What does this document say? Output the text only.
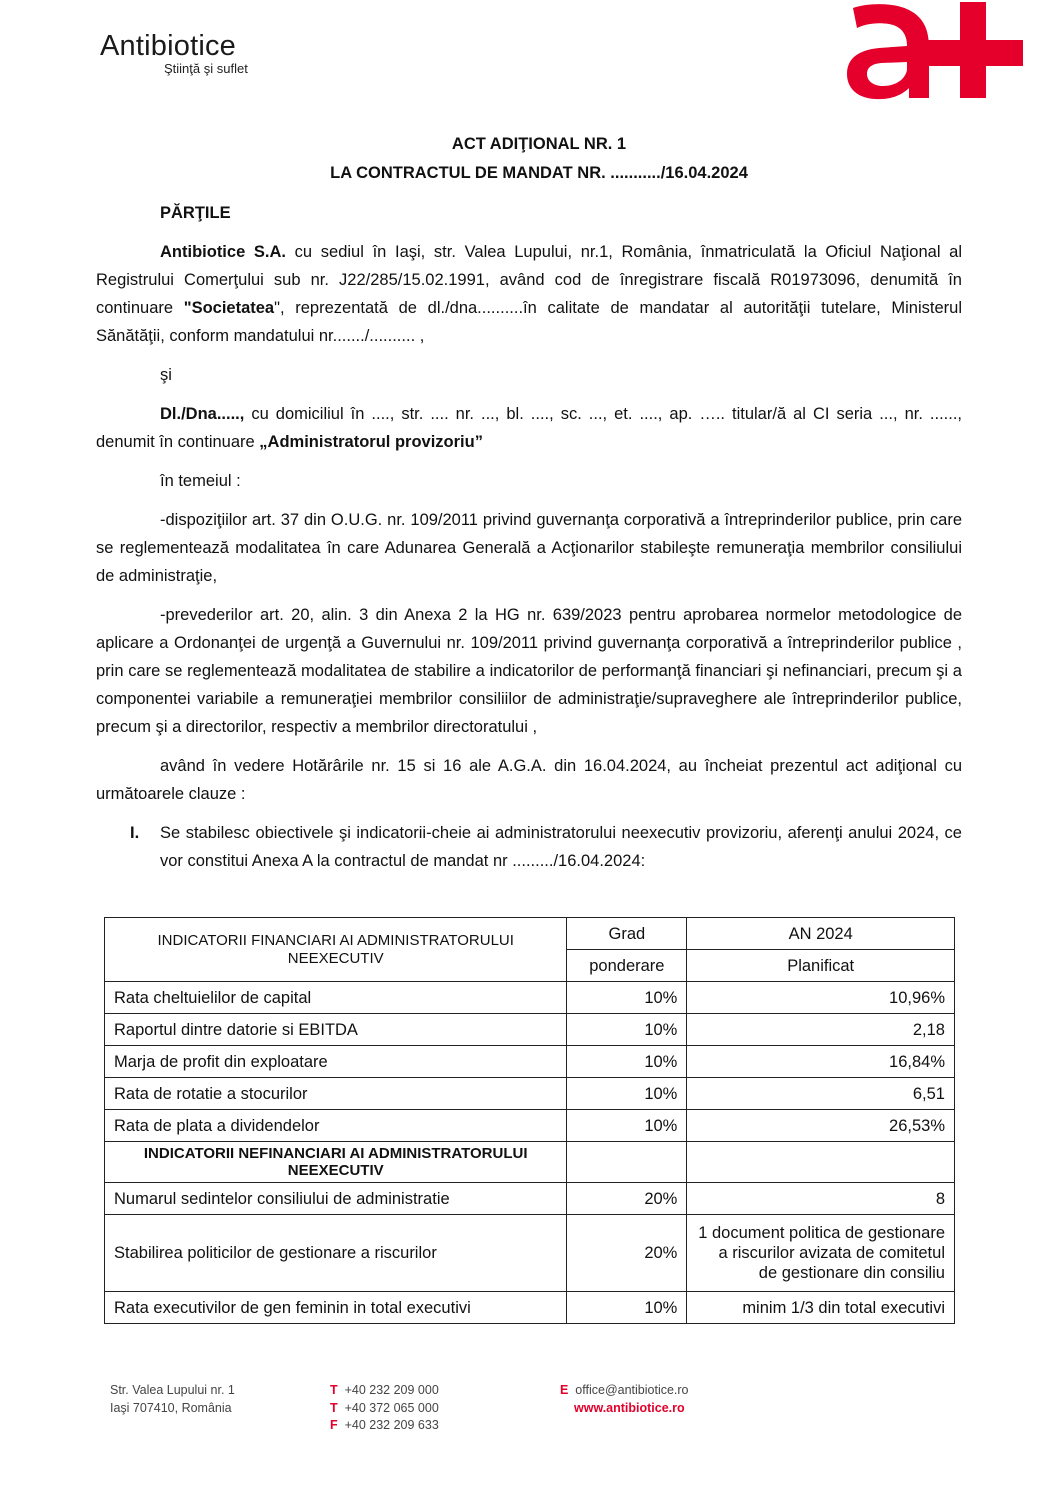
Antibiotice
Ştiinţă şi suflet

ACT ADIŢIONAL NR. 1

LA CONTRACTUL DE MANDAT NR. .........../16.04.2024

PĂRŢILE

Antibiotice S.A. cu sediul în Iaşi, str. Valea Lupului, nr.1, România, înmatriculată la Oficiul Naţional al Registrului Comerţului sub nr. J22/285/15.02.1991, având cod de înregistrare fiscală R01973096, denumită în continuare "Societatea", reprezentată de dl./dna..........în calitate de mandatar al autorităţii tutelare, Ministerul Sănătăţii, conform mandatului nr......./.......... ,

şi

Dl./Dna....., cu domiciliul în ...., str. .... nr. ..., bl. ...., sc. ..., et. ...., ap. ….. titular/ă al CI seria ..., nr. ......, denumit în continuare „Administratorul provizoriu”

în temeiul :

-dispoziţiilor art. 37 din O.U.G. nr. 109/2011 privind guvernanţa corporativă a întreprinderilor publice, prin care se reglementează modalitatea în care Adunarea Generală a Acţionarilor stabileşte remuneraţia membrilor consiliului de administraţie,

-prevederilor art. 20, alin. 3 din Anexa 2 la HG nr. 639/2023 pentru aprobarea normelor metodologice de aplicare a Ordonanţei de urgenţă a Guvernului nr. 109/2011 privind guvernanţa corporativă a întreprinderilor publice , prin care se reglementează modalitatea de stabilire a indicatorilor de performanţă financiari şi nefinanciari, precum şi a componentei variabile a remuneraţiei membrilor consiliilor de administraţie/supraveghere ale întreprinderilor publice, precum şi a directorilor, respectiv a membrilor directoratului ,

având în vedere Hotărârile nr. 15 si 16 ale A.G.A. din 16.04.2024, au încheiat prezentul act adiţional cu următoarele clauze :

I.	Se stabilesc obiectivele şi indicatorii-cheie ai administratorului neexecutiv provizoriu, aferenţi anului 2024, ce vor constitui Anexa A la contractul de mandat nr ........./16.04.2024:
INDICATORII FINANCIARI AI ADMINISTRATORULUI NEEXECUTIV	Grad	AN 2024
	ponderare	Planificat
Rata cheltuielilor de capital	10%	10,96%
Raportul dintre datorie si EBITDA	10%	2,18
Marja de profit din exploatare	10%	16,84%
Rata de rotatie a stocurilor	10%	6,51
Rata de plata a dividendelor	10%	26,53%
INDICATORII NEFINANCIARI AI ADMINISTRATORULUI NEEXECUTIV		
Numarul sedintelor consiliului de administratie	20%	8
Stabilirea politicilor de gestionare a riscurilor	20%	1 document politica de gestionare a riscurilor avizata de comitetul de gestionare din consiliu
Rata executivilor de gen feminin in total executivi	10%	minim 1/3 din total executivi
Str. Valea Lupului nr. 1
Iaşi 707410, România
T +40 232 209 000
T +40 372 065 000
F +40 232 209 633
E office@antibiotice.ro
www.antibiotice.ro
